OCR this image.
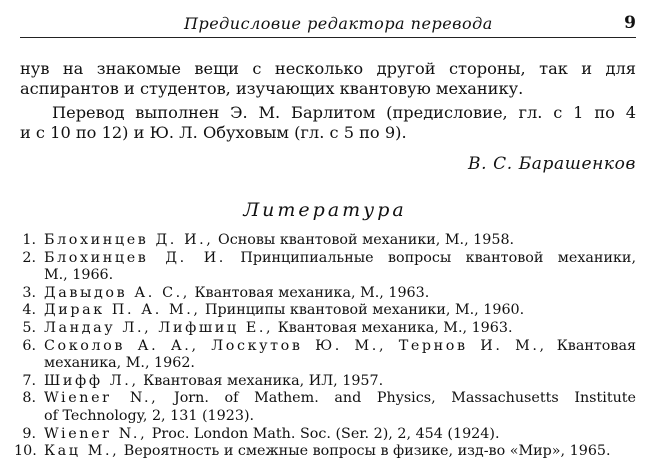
Предисловие редактора перевода	9
нув на знакомые вещи с несколько другой стороны, так и для
аспирантов и студентов, изучающих квантовую механику.
Перевод выполнен Э. М. Барлитом (предисловие, гл. с 1 по 4
и с 10 по 12) и Ю. Л. Обуховым (гл. с 5 по 9).
В. С. Барашенков
Литература
1. Блохинцев Д. И., Основы квантовой механики, М., 1958.
2. Блохинцев Д. И. Принципиальные вопросы квантовой механики,
М., 1966.
3. Давыдов А. С., Квантовая механика, М., 1963.
4. Дирак П. А. М., Принципы квантовой механики, М., 1960.
5. Ландау Л., Лифшиц Е., Квантовая механика, М., 1963.
6. Соколов А. А., Лоскутов Ю. М., Тернов И. М., Квантовая
механика, М., 1962.
7. Шифф Л., Квантовая механика, ИЛ, 1957.
8. Wiener N., Jorn. of Mathem. and Physics, Massachusetts Institute
of Technology, 2, 131 (1923).
9. Wiener N., Proc. London Math. Soc. (Ser. 2), 2, 454 (1924).
10. Кац М., Вероятность и смежные вопросы в физике, изд-во «Мир», 1965.
